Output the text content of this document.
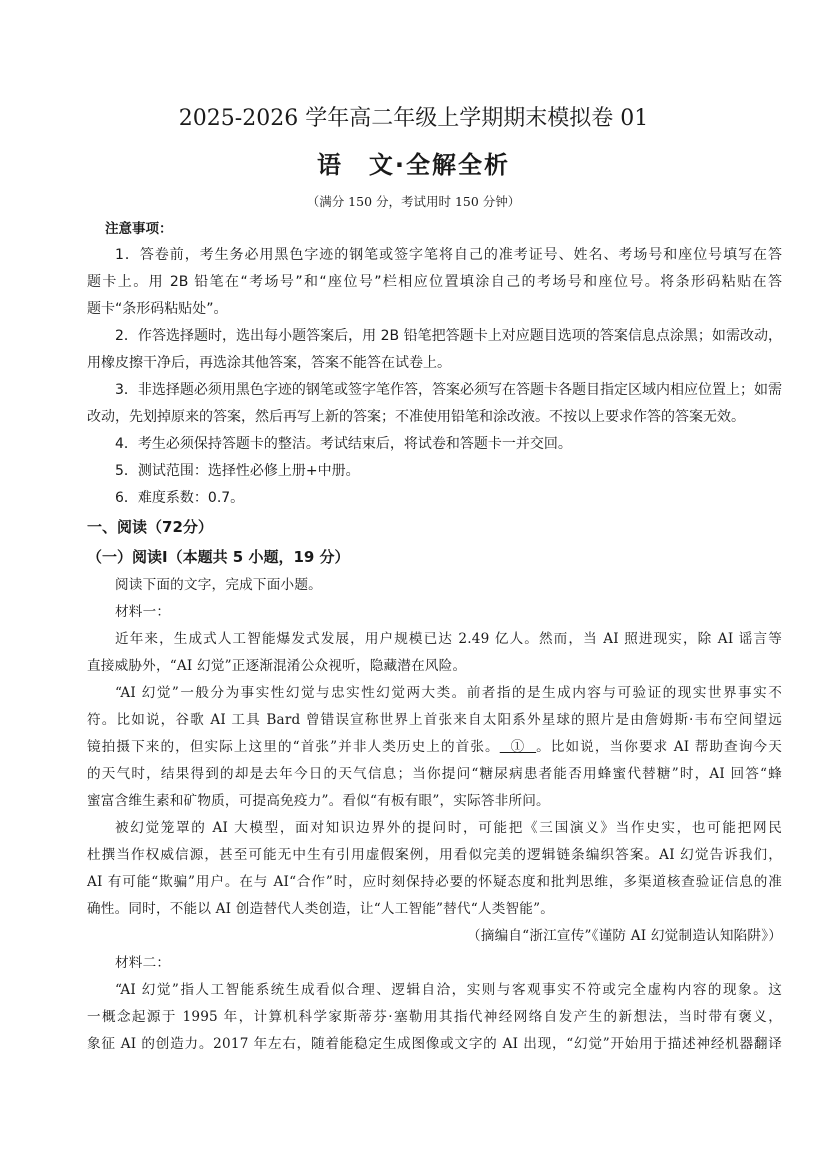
2025-2026 学年高二年级上学期期末模拟卷 01
语　文·全解全析
（满分 150 分，考试用时 150 分钟）
注意事项：
1．答卷前，考生务必用黑色字迹的钢笔或签字笔将自己的准考证号、姓名、考场号和座位号填写在答
题卡上。用 2B 铅笔在“考场号”和“座位号”栏相应位置填涂自己的考场号和座位号。将条形码粘贴在答
题卡“条形码粘贴处”。
2．作答选择题时，选出每小题答案后，用 2B 铅笔把答题卡上对应题目选项的答案信息点涂黑；如需改动，
用橡皮擦干净后，再选涂其他答案，答案不能答在试卷上。
3．非选择题必须用黑色字迹的钢笔或签字笔作答，答案必须写在答题卡各题目指定区域内相应位置上；如需
改动，先划掉原来的答案，然后再写上新的答案；不准使用铅笔和涂改液。不按以上要求作答的答案无效。
4．考生必须保持答题卡的整洁。考试结束后，将试卷和答题卡一并交回。
5．测试范围：选择性必修上册+中册。
6．难度系数：0.7。
一、阅读（72分）
（一）阅读I（本题共 5 小题，19 分）
阅读下面的文字，完成下面小题。
材料一：
近年来，生成式人工智能爆发式发展，用户规模已达 2.49 亿人。然而，当 AI 照进现实，除 AI 谣言等
直接威胁外，“AI 幻觉”正逐渐混淆公众视听，隐藏潜在风险。
“AI 幻觉”一般分为事实性幻觉与忠实性幻觉两大类。前者指的是生成内容与可验证的现实世界事实不
符。比如说，谷歌 AI 工具 Bard 曾错误宣称世界上首张来自太阳系外星球的照片是由詹姆斯·韦布空间望远
镜拍摄下来的，但实际上这里的“首张”并非人类历史上的首张。  ①  。比如说，当你要求 AI 帮助查询今天
的天气时，结果得到的却是去年今日的天气信息；当你提问“糖尿病患者能否用蜂蜜代替糖”时，AI 回答“蜂
蜜富含维生素和矿物质，可提高免疫力”。看似“有板有眼”，实际答非所问。
被幻觉笼罩的 AI 大模型，面对知识边界外的提问时，可能把《三国演义》当作史实，也可能把网民
杜撰当作权威信源，甚至可能无中生有引用虚假案例，用看似完美的逻辑链条编织答案。AI 幻觉告诉我们，
AI 有可能“欺骗”用户。在与 AI“合作”时，应时刻保持必要的怀疑态度和批判思维，多渠道核查验证信息的准
确性。同时，不能以 AI 创造替代人类创造，让“人工智能”替代“人类智能”。
（摘编自“浙江宣传”《谨防 AI 幻觉制造认知陷阱》）
材料二：
“AI 幻觉”指人工智能系统生成看似合理、逻辑自洽，实则与客观事实不符或完全虚构内容的现象。这
一概念起源于 1995 年，计算机科学家斯蒂芬·塞勒用其指代神经网络自发产生的新想法，当时带有褒义，
象征 AI 的创造力。2017 年左右，随着能稳定生成图像或文字的 AI 出现，“幻觉”开始用于描述神经机器翻译
